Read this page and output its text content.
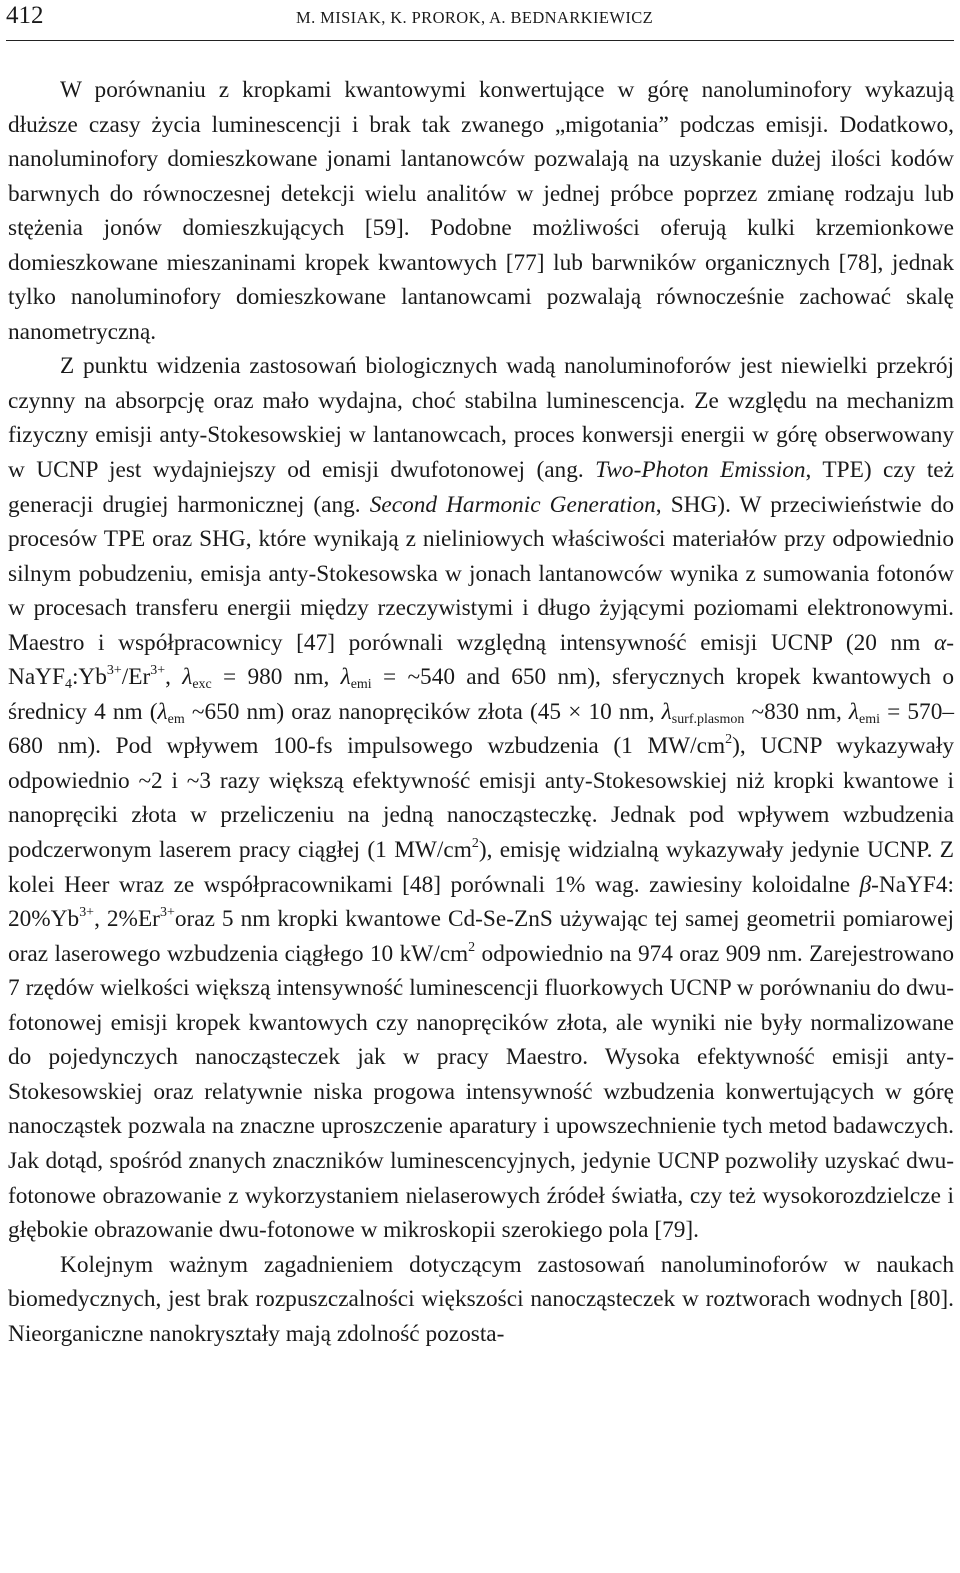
412	M. MISIAK, K. PROROK, A. BEDNARKIEWICZ

W porównaniu z kropkami kwantowymi konwertujące w górę nanoluminofory wykazują dłuższe czasy życia luminescencji i brak tak zwanego „migotania” podczas emisji. Dodatkowo, nanoluminofory domieszkowane jonami lantanowców pozwalają na uzyskanie dużej ilości kodów barwnych do równoczesnej detekcji wielu analitów w jednej próbce poprzez zmianę rodzaju lub stężenia jonów domieszkujących [59]. Podobne możliwości oferują kulki krzemionkowe domieszkowane mieszaninami kropek kwantowych [77] lub barwników organicznych [78], jednak tylko nanoluminofory domieszkowane lantanowcami pozwalają równocześnie zachować skalę nanometryczną.

Z punktu widzenia zastosowań biologicznych wadą nanoluminoforów jest niewielki przekrój czynny na absorpcję oraz mało wydajna, choć stabilna luminescencja. Ze względu na mechanizm fizyczny emisji anty-Stokesowskiej w lantanowcach, proces konwersji energii w górę obserwowany w UCNP jest wydajniejszy od emisji dwufotonowej (ang. Two-Photon Emission, TPE) czy też generacji drugiej harmonicznej (ang. Second Harmonic Generation, SHG). W przeciwieństwie do procesów TPE oraz SHG, które wynikają z nieliniowych właściwości materiałów przy odpowiednio silnym pobudzeniu, emisja anty-Stokesowska w jonach lantanowców wynika z sumowania fotonów w procesach transferu energii między rzeczywistymi i długo żyjącymi poziomami elektronowymi. Maestro i współpracownicy [47] porównali względną intensywność emisji UCNP (20 nm $\alpha-NaYF_4:Yb^{3+}/Er^{3+}$, $\lambda_{exc} = 980$ nm, $\lambda_{emi}$ = ~540 and 650 nm), sferycznych kropek kwantowych o średnicy 4 nm ($\lambda_{em}$ ~650 nm) oraz nanopręcików złota (45 × 10 nm, $\lambda_{surf.plasmon}$ ~830 nm, $\lambda_{emi} = 570-680$ nm). Pod wpływem 100-fs impulsowego wzbudzenia (1 $MW/cm^2$), UCNP wykazywały odpowiednio ~2 i ~3 razy większą efektywność emisji anty-Stokesowskiej niż kropki kwantowe i nanopręciki złota w przeliczeniu na jedną nanocząsteczkę. Jednak pod wpływem wzbudzenia podczerwonym laserem pracy ciągłej (1 $MW/cm^2$), emisję widzialną wykazywały jedynie UCNP. Z kolei Heer wraz ze współpracownikami [48] porównali 1% wag. zawiesiny koloidalne β-NaYF4: $20\%Yb^{3+}$, $2\%Er^{3+}oraz$ 5 nm kropki kwantowe Cd-Se-ZnS używając tej samej geometrii pomiarowej oraz laserowego wzbudzenia ciągłego 10 $kW/cm^2$ odpowiednio na 974 oraz 909 nm. Zarejestrowano 7 rzędów wielkości większą intensywność luminescencji fluorkowych UCNP w porównaniu do dwu-fotonowej emisji kropek kwantowych czy nanopręcików złota, ale wyniki nie były normalizowane do pojedynczych nanocząsteczek jak w pracy Maestro. Wysoka efektywność emisji anty-Stokesowskiej oraz relatywnie niska progowa intensywność wzbudzenia konwertujących w górę nanocząstek pozwala na znaczne uproszczenie aparatury i upowszechnienie tych metod badawczych. Jak dotąd, spośród znanych znaczników luminescencyjnych, jedynie UCNP pozwoliły uzyskać dwu-fotonowe obrazowanie z wykorzystaniem nielaserowych źródeł światła, czy też wysokorozdzielcze i głębokie obrazowanie dwu-fotonowe w mikroskopii szerokiego pola [79].

Kolejnym ważnym zagadnieniem dotyczącym zastosowań nanoluminoforów w naukach biomedycznych, jest brak rozpuszczalności większości nanocząsteczek w roztworach wodnych [80]. Nieorganiczne nanokryształy mają zdolność pozosta-
